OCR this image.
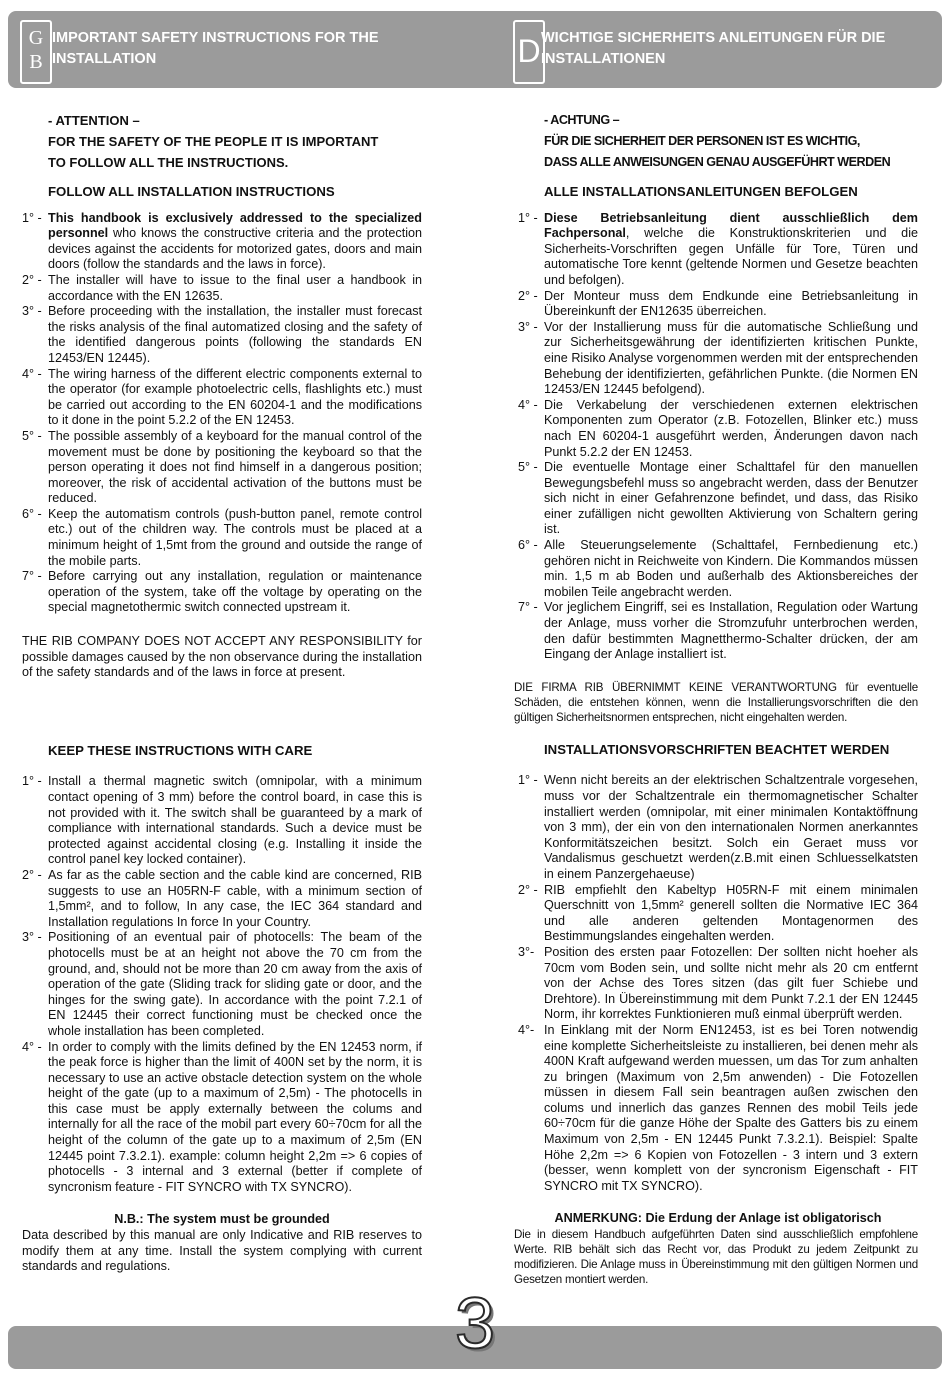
G
B
IMPORTANT SAFETY INSTRUCTIONS FOR THE INSTALLATION	D WICHTIGE SICHERHEITS ANLEITUNGEN FÜR DIE INSTALLATIONEN
- ATTENTION –
FOR THE SAFETY OF THE PEOPLE IT IS IMPORTANT
TO FOLLOW ALL THE INSTRUCTIONS.
FOLLOW ALL INSTALLATION INSTRUCTIONS
1° - This handbook is exclusively addressed to the specialized personnel who knows the constructive criteria and the protection devices against the accidents for motorized gates, doors and main doors (follow the standards and the laws in force).
2° - The installer will have to issue to the final user a handbook in accordance with the EN 12635.
3° - Before proceeding with the installation, the installer must forecast the risks analysis of the final automatized closing and the safety of the identified dangerous points (following the standards EN 12453/EN 12445).
4° - The wiring harness of the different electric components external to the operator (for example photoelectric cells, flashlights etc.) must be carried out according to the EN 60204-1 and the modifications to it done in the point 5.2.2 of the EN 12453.
5° - The possible assembly of a keyboard for the manual control of the movement must be done by positioning the keyboard so that the person operating it does not find himself in a dangerous position; moreover, the risk of accidental activation of the buttons must be reduced.
6° - Keep the automatism controls (push-button panel, remote control etc.) out of the children way. The controls must be placed at a minimum height of 1,5mt from the ground and outside the range of the mobile parts.
7° - Before carrying out any installation, regulation or maintenance operation of the system, take off the voltage by operating on the special magnetothermic switch connected upstream it.
THE RIB COMPANY DOES NOT ACCEPT ANY RESPONSIBILITY for possible damages caused by the non observance during the installation of the safety standards and of the laws in force at present.
KEEP THESE INSTRUCTIONS WITH CARE
1° - Install a thermal magnetic switch (omnipolar, with a minimum contact opening of 3 mm) before the control board, in case this is not provided with it. The switch shall be guaranteed by a mark of compliance with international standards. Such a device must be protected against accidental closing (e.g. Installing it inside the control panel key locked container).
2° - As far as the cable section and the cable kind are concerned, RIB suggests to use an H05RN-F cable, with a minimum section of 1,5mm², and to follow, In any case, the IEC 364 standard and Installation regulations In force In your Country.
3° - Positioning of an eventual pair of photocells: The beam of the photocells must be at an height not above the 70 cm from the ground, and, should not be more than 20 cm away from the axis of operation of the gate (Sliding track for sliding gate or door, and the hinges for the swing gate). In accordance with the point 7.2.1 of EN 12445 their correct functioning must be checked once the whole installation has been completed.
4° - In order to comply with the limits defined by the EN 12453 norm, if the peak force is higher than the limit of 400N set by the norm, it is necessary to use an active obstacle detection system on the whole height of the gate (up to a maximum of 2,5m) - The photocells in this case must be apply externally between the colums and internally for all the race of the mobil part every 60÷70cm for all the height of the column of the gate up to a maximum of 2,5m (EN 12445 point 7.3.2.1). example: column height 2,2m => 6 copies of photocells - 3 internal and 3 external (better if complete of syncronism feature - FIT SYNCRO with TX SYNCRO).
N.B.: The system must be grounded
Data described by this manual are only Indicative and RIB reserves to modify them at any time. Install the system complying with current standards and regulations.
- ACHTUNG –
FÜR DIE SICHERHEIT DER PERSONEN IST ES WICHTIG,
DASS ALLE ANWEISUNGEN GENAU AUSGEFÜHRT WERDEN
ALLE INSTALLATIONSANLEITUNGEN BEFOLGEN
1° - Diese Betriebsanleitung dient ausschließlich dem Fachpersonal, welche die Konstruktionskriterien und die Sicherheits-Vorschriften gegen Unfälle für Tore, Türen und automatische Tore kennt (geltende Normen und Gesetze beachten und befolgen).
2° - Der Monteur muss dem Endkunde eine Betriebsanleitung in Übereinkunft der EN12635 überreichen.
3° - Vor der Installierung muss für die automatische Schließung und zur Sicherheitsgewährung der identifizierten kritischen Punkte, eine Risiko Analyse vorgenommen werden mit der entsprechenden Behebung der identifizierten, gefährlichen Punkte. (die Normen EN 12453/EN 12445 befolgend).
4° - Die Verkabelung der verschiedenen externen elektrischen Komponenten zum Operator (z.B. Fotozellen, Blinker etc.) muss nach EN 60204-1 ausgeführt werden, Änderungen davon nach Punkt 5.2.2 der EN 12453.
5° - Die eventuelle Montage einer Schalttafel für den manuellen Bewegungsbefehl muss so angebracht werden, dass der Benutzer sich nicht in einer Gefahrenzone befindet, und dass, das Risiko einer zufälligen nicht gewollten Aktivierung von Schaltern gering ist.
6° - Alle Steuerungselemente (Schalttafel, Fernbedienung etc.) gehören nicht in Reichweite von Kindern. Die Kommandos müssen min. 1,5 m ab Boden und außerhalb des Aktionsbereiches der mobilen Teile angebracht werden.
7° - Vor jeglichem Eingriff, sei es Installation, Regulation oder Wartung der Anlage, muss vorher die Stromzufuhr unterbrochen werden, den dafür bestimmten Magnetthermo-Schalter drücken, der am Eingang der Anlage installiert ist.
DIE FIRMA RIB ÜBERNIMMT KEINE VERANTWORTUNG für eventuelle Schäden, die entstehen können, wenn die Installierungsvorschriften die den gültigen Sicherheitsnormen entsprechen, nicht eingehalten werden.
INSTALLATIONSVORSCHRIFTEN BEACHTET WERDEN
1° - Wenn nicht bereits an der elektrischen Schaltzentrale vorgesehen, muss vor der Schaltzentrale ein thermomagnetischer Schalter installiert werden (omnipolar, mit einer minimalen Kontaktöffnung von 3 mm), der ein von den internationalen Normen anerkanntes Konformitätszeichen besitzt. Solch ein Geraet muss vor Vandalismus geschuetzt werden(z.B.mit einen Schluesselkatsten in einem Panzergehaeuse)
2° - RIB empfiehlt den Kabeltyp H05RN-F mit einem minimalen Querschnitt von 1,5mm² generell sollten die Normative IEC 364 und alle anderen geltenden Montagenormen des Bestimmungslandes eingehalten werden.
3°- Position des ersten paar Fotozellen: Der sollten nicht hoeher als 70cm vom Boden sein, und sollte nicht mehr als 20 cm entfernt von der Achse des Tores sitzen (das gilt fuer Schiebe und Drehtore). In Übereinstimmung mit dem Punkt 7.2.1 der EN 12445 Norm, ihr korrektes Funktionieren muß einmal überprüft werden.
4°- In Einklang mit der Norm EN12453, ist es bei Toren notwendig eine komplette Sicherheitsleiste zu installieren, bei denen mehr als 400N Kraft aufgewand werden muessen, um das Tor zum anhalten zu bringen (Maximum von 2,5m anwenden) - Die Fotozellen müssen in diesem Fall sein beantragen außen zwischen den colums und innerlich das ganzes Rennen des mobil Teils jede 60÷70cm für die ganze Höhe der Spalte des Gatters bis zu einem Maximum von 2,5m - EN 12445 Punkt 7.3.2.1). Beispiel: Spalte Höhe 2,2m => 6 Kopien von Fotozellen - 3 intern und 3 extern (besser, wenn komplett von der syncronism Eigenschaft - FIT SYNCRO mit TX SYNCRO).
ANMERKUNG: Die Erdung der Anlage ist obligatorisch
Die in diesem Handbuch aufgeführten Daten sind ausschließlich empfohlene Werte. RIB behält sich das Recht vor, das Produkt zu jedem Zeitpunkt zu modifizieren. Die Anlage muss in Übereinstimmung mit den gültigen Normen und Gesetzen montiert werden.
3
